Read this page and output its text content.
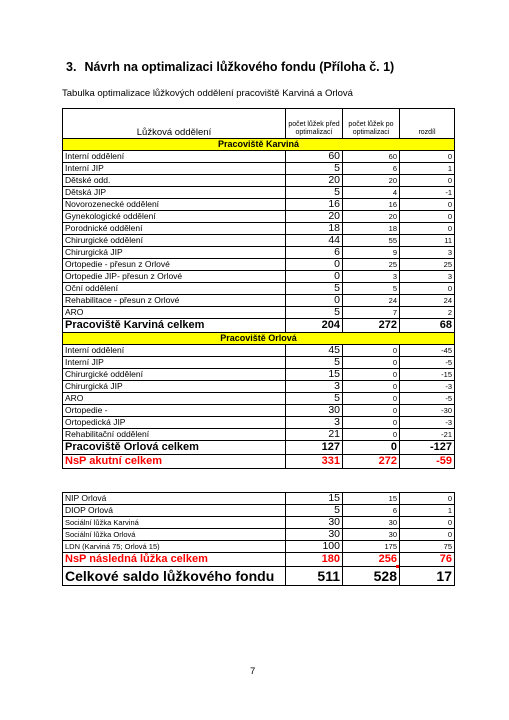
3. Návrh na optimalizaci lůžkového fondu (Příloha č. 1)
Tabulka optimalizace lůžkových oddělení pracoviště Karviná a Orlová
Lůžková oddělení	počet lůžek před optimalizací	počet lůžek po optimalizaci	rozdíl
Pracoviště Karviná			
Interní oddělení	60	60	0
Interní JIP	5	6	1
Dětské odd.	20	20	0
Dětská JIP	5	4	-1
Novorozenecké oddělení	16	16	0
Gynekologické oddělení	20	20	0
Porodnické oddělení	18	18	0
Chirurgické oddělení	44	55	11
Chirurgická JIP	6	9	3
Ortopedie - přesun z Orlové	0	25	25
Ortopedie JIP- přesun z Orlové	0	3	3
Oční oddělení	5	5	0
Rehabilitace - přesun z Orlové	0	24	24
ARO	5	7	2
Pracoviště Karviná celkem	204	272	68
Pracoviště Orlová			
Interní oddělení	45	0	-45
Interní JIP	5	0	-5
Chirurgické oddělení	15	0	-15
Chirurgická JIP	3	0	-3
ARO	5	0	-5
Ortopedie -	30	0	-30
Ortopedická JIP	3	0	-3
Rehabilitační oddělení	21	0	-21
Pracoviště Orlová celkem	127	0	-127
NsP akutní celkem	331	272	-59
NIP Orlová	15	15	0
DIOP Orlová	5	6	1
Sociální lůžka Karviná	30	30	0
Sociální lůžka Orlová	30	30	0
LDN (Karviná 75; Orlová 15)	100	175	75
NsP následná lůžka celkem	180	256	76
Celkové saldo lůžkového fondu	511	528	17
7
